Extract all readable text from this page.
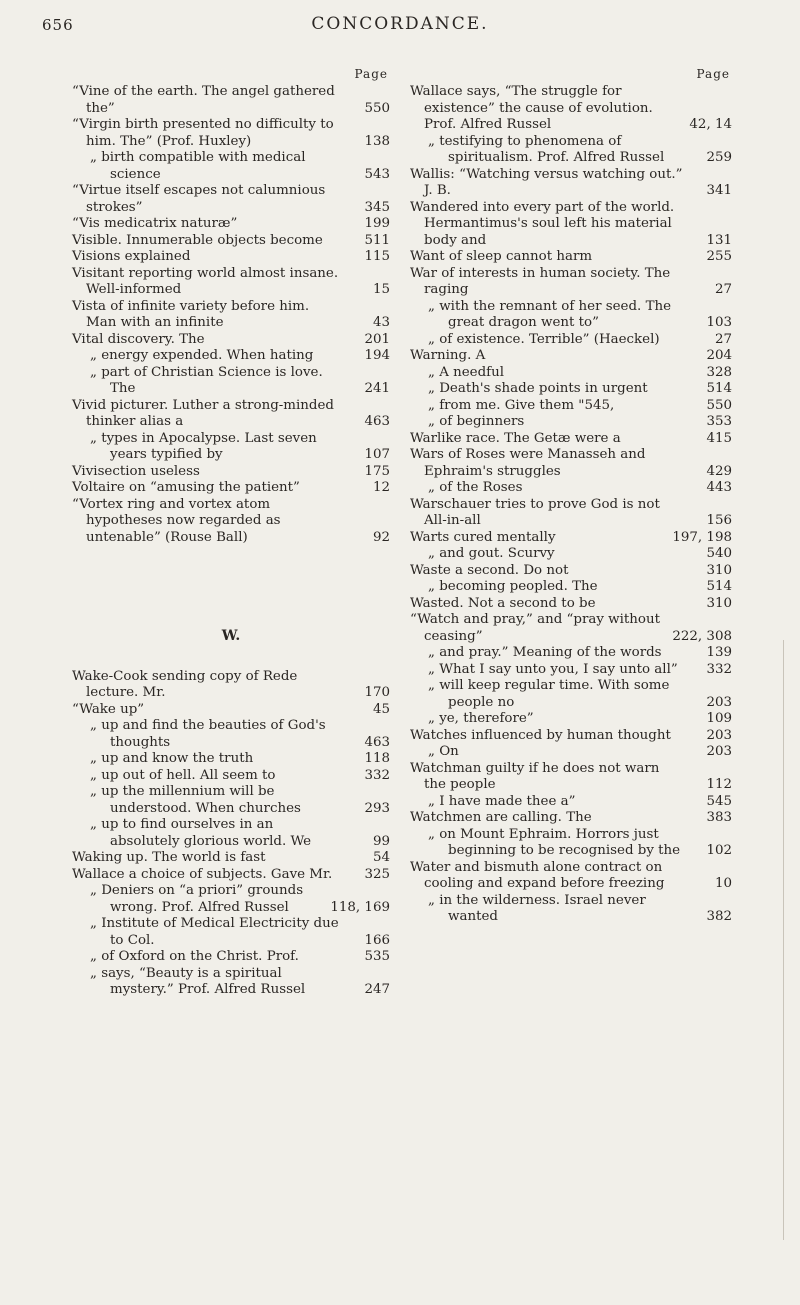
656	CONCORDANCE.
Page
“Vine of the earth. The angel gathered the”	550
“Virgin birth presented no difficulty to him. The” (Prof. Huxley)	138
„ birth compatible with medical science	543
“Virtue itself escapes not calumnious strokes”	345
“Vis medicatrix naturæ”	199
Visible. Innumerable objects become	511
Visions explained	115
Visitant reporting world almost insane. Well-informed	15
Vista of infinite variety before him. Man with an infinite	43
Vital discovery. The	201
„ energy expended. When hating	194
„ part of Christian Science is love. The	241
Vivid picturer. Luther a strong-minded thinker alias a	463
„ types in Apocalypse. Last seven years typified by	107
Vivisection useless	175
Voltaire on “amusing the patient”	12
“Vortex ring and vortex atom hypotheses now regarded as untenable” (Rouse Ball)	92
W.
Wake-Cook sending copy of Rede lecture. Mr.	170
“Wake up”	45
„ up and find the beauties of God's thoughts	463
„ up and know the truth	118
„ up out of hell. All seem to	332
„ up the millennium will be understood. When churches	293
„ up to find ourselves in an absolutely glorious world. We	99
Waking up. The world is fast	54
Wallace a choice of subjects. Gave Mr. 325
„ Deniers on “a priori” grounds wrong. Prof. Alfred Russel	118, 169
„ Institute of Medical Electricity due to Col.	166
„ of Oxford on the Christ. Prof.	535
„ says, “Beauty is a spiritual mystery.” Prof. Alfred Russel	247
Page
Wallace says, “The struggle for existence” the cause of evolution. Prof. Alfred Russel	42, 14
„ testifying to phenomena of spiritualism. Prof. Alfred Russel	259
Wallis: “Watching versus watching out.” J. B.	341
Wandered into every part of the world. Hermantimus's soul left his material body and	131
Want of sleep cannot harm	255
War of interests in human society. The raging	27
„ with the remnant of her seed. The great dragon went to”	103
„ of existence. Terrible” (Haeckel)	27
Warning. A	204
„ A needful	328
„ Death's shade points in urgent	514
„ from me. Give them "545,	550
„ of beginners	353
Warlike race. The Getæ were a	415
Wars of Roses were Manasseh and Ephraim's struggles	429
„ of the Roses	443
Warschauer tries to prove God is not All-in-all	156
Warts cured mentally	197, 198
„ and gout. Scurvy	540
Waste a second. Do not	310
„ becoming peopled. The	514
Wasted. Not a second to be	310
“Watch and pray,” and “pray without ceasing”	222, 308
„ and pray.” Meaning of the words	139
„ What I say unto you, I say unto all” 332
„ will keep regular time. With some people no	203
„ ye, therefore”	109
Watches influenced by human thought	203
„ On	203
Watchman guilty if he does not warn the people	112
„ I have made thee a”	545
Watchmen are calling. The	383
„ on Mount Ephraim. Horrors just beginning to be recognised by the 102
Water and bismuth alone contract on cooling and expand before freezing	10
„ in the wilderness. Israel never wanted	382
